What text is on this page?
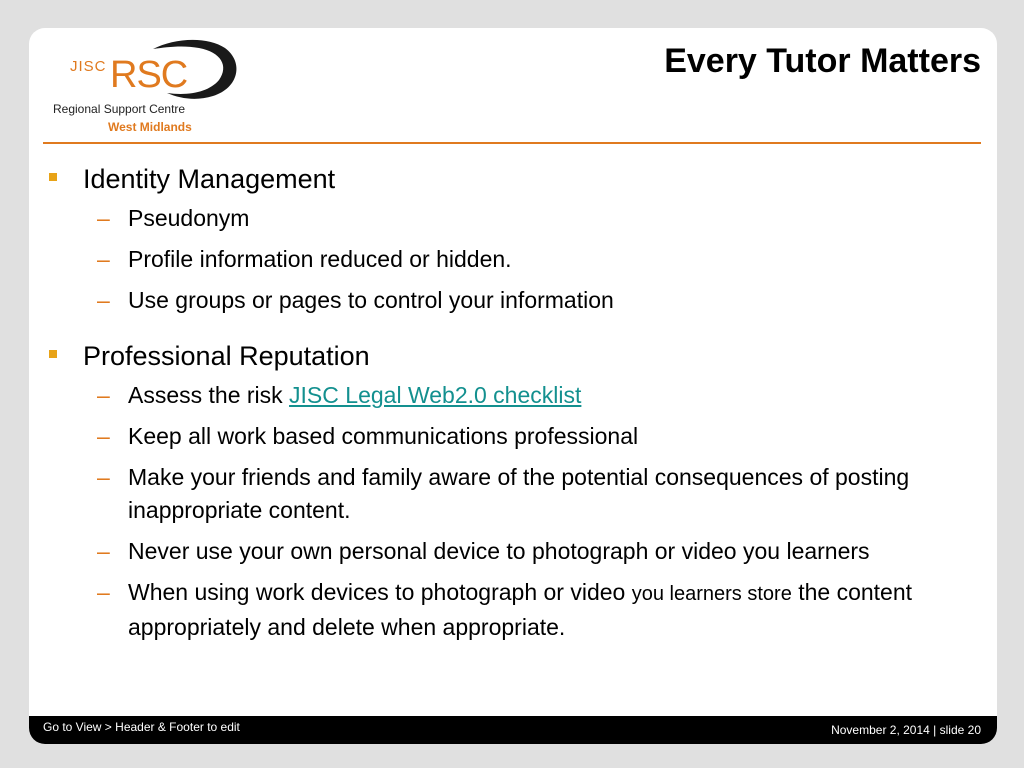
JISC RSC
Regional Support Centre
West Midlands
Every Tutor Matters
Identity Management
– Pseudonym
– Profile information reduced or hidden.
– Use groups or pages to control your information
Professional Reputation
– Assess the risk JISC Legal Web2.0 checklist
– Keep all work based communications professional
– Make your friends and family aware of the potential consequences of posting inappropriate content.
– Never use your own personal device to photograph or video you learners
– When using work devices to photograph or video you learners store the content appropriately and delete when appropriate.
Go to View > Header & Footer to edit	November 2, 2014 | slide 20
